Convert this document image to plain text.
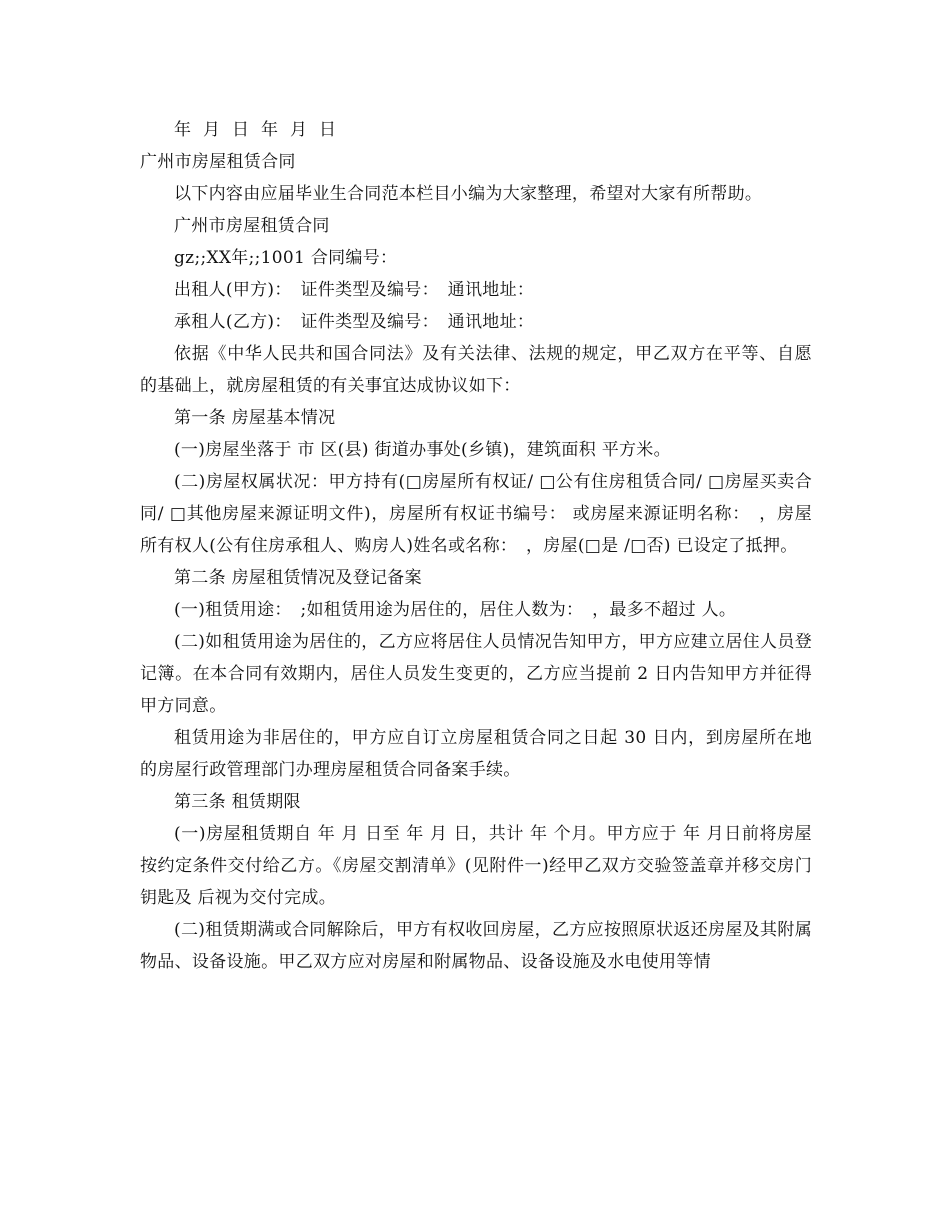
年 月 日 年 月 日

广州市房屋租赁合同

以下内容由应届毕业生合同范本栏目小编为大家整理，希望对大家有所帮助。

广州市房屋租赁合同

gz;;XX年;;1001 合同编号：

出租人(甲方)：　证件类型及编号：　通讯地址：

承租人(乙方)：　证件类型及编号：　通讯地址：

依据《中华人民共和国合同法》及有关法律、法规的规定，甲乙双方在平等、自愿的基础上，就房屋租赁的有关事宜达成协议如下：

第一条 房屋基本情况

(一)房屋坐落于 市 区(县) 街道办事处(乡镇)，建筑面积 平方米。

(二)房屋权属状况：甲方持有(□房屋所有权证/ □公有住房租赁合同/ □房屋买卖合同/ □其他房屋来源证明文件)，房屋所有权证书编号： 或房屋来源证明名称：　，房屋所有权人(公有住房承租人、购房人)姓名或名称：　，房屋(□是 /□否) 已设定了抵押。

第二条 房屋租赁情况及登记备案

(一)租赁用途：　;如租赁用途为居住的，居住人数为：　，最多不超过 人。

(二)如租赁用途为居住的，乙方应将居住人员情况告知甲方，甲方应建立居住人员登记簿。在本合同有效期内，居住人员发生变更的，乙方应当提前 2 日内告知甲方并征得甲方同意。

租赁用途为非居住的，甲方应自订立房屋租赁合同之日起 30 日内，到房屋所在地的房屋行政管理部门办理房屋租赁合同备案手续。

第三条 租赁期限

(一)房屋租赁期自 年 月 日至 年 月 日，共计 年 个月。甲方应于 年 月日前将房屋按约定条件交付给乙方。《房屋交割清单》(见附件一)经甲乙双方交验签盖章并移交房门钥匙及 后视为交付完成。

(二)租赁期满或合同解除后，甲方有权收回房屋，乙方应按照原状返还房屋及其附属物品、设备设施。甲乙双方应对房屋和附属物品、设备设施及水电使用等情
